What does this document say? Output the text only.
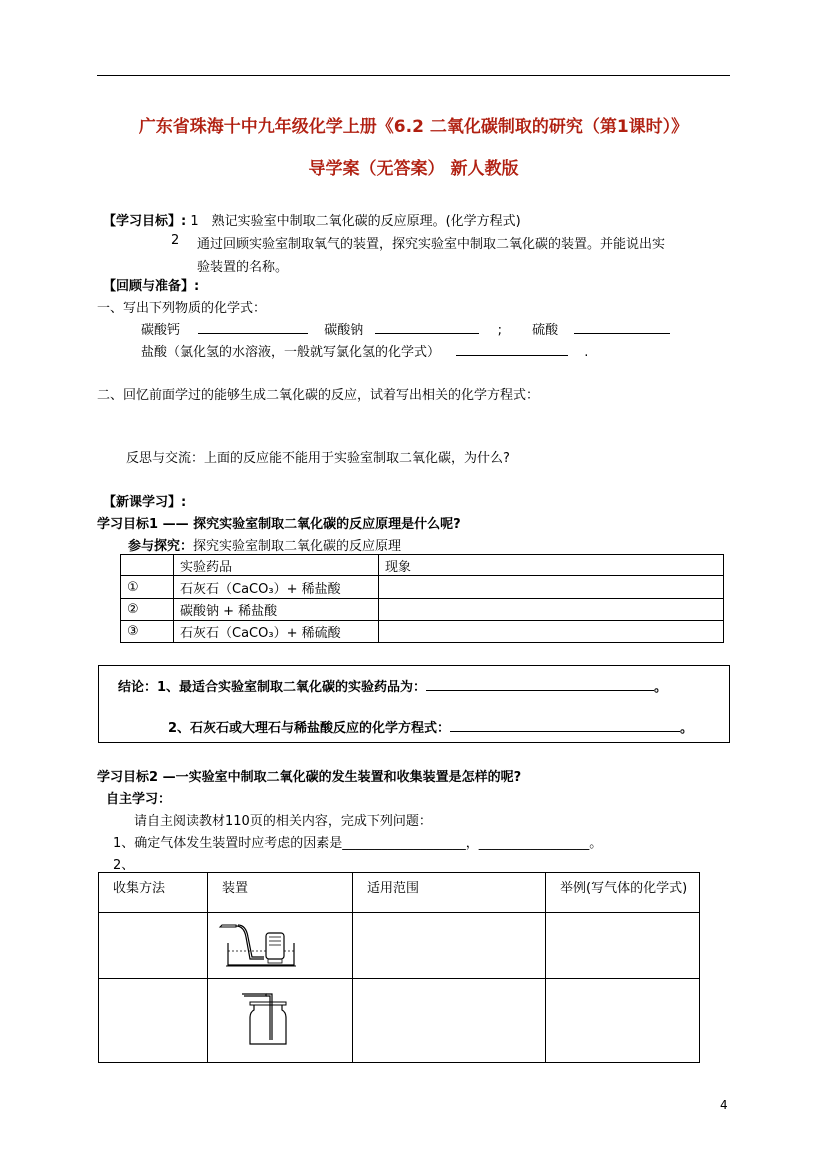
广东省珠海十中九年级化学上册《6.2 二氧化碳制取的研究（第1课时）》
导学案（无答案） 新人教版
【学习目标】: 1　熟记实验室中制取二氧化碳的反应原理。(化学方程式)
2 通过回顾实验室制取氧气的装置，探究实验室中制取二氧化碳的装置。并能说出实
验装置的名称。
【回顾与准备】:
一、写出下列物质的化学式：
碳酸钙	碳酸钠	; 硫酸
盐酸（氯化氢的水溶液，一般就写氯化氢的化学式）	.
二、回忆前面学过的能够生成二氧化碳的反应，试着写出相关的化学方程式：
反思与交流：上面的反应能不能用于实验室制取二氧化碳，为什么?
【新课学习】:
学习目标1 —— 探究实验室制取二氧化碳的反应原理是什么呢?
参与探究：探究实验室制取二氧化碳的反应原理
	实验药品	现象
①	石灰石（CaCO₃）+ 稀盐酸	
②	碳酸钠 + 稀盐酸	
③	石灰石（CaCO₃）+ 稀硫酸	
结论：1、最适合实验室制取二氧化碳的实验药品为：	。
2、石灰石或大理石与稀盐酸反应的化学方程式：	。
学习目标2 —一实验室中制取二氧化碳的发生装置和收集装置是怎样的呢?
自主学习：
请自主阅读教材110页的相关内容，完成下列问题：
1、确定气体发生装置时应考虑的因素是___________________，_________________。
2、
收集方法	装置	适用范围	举例(写气体的化学式)

4
